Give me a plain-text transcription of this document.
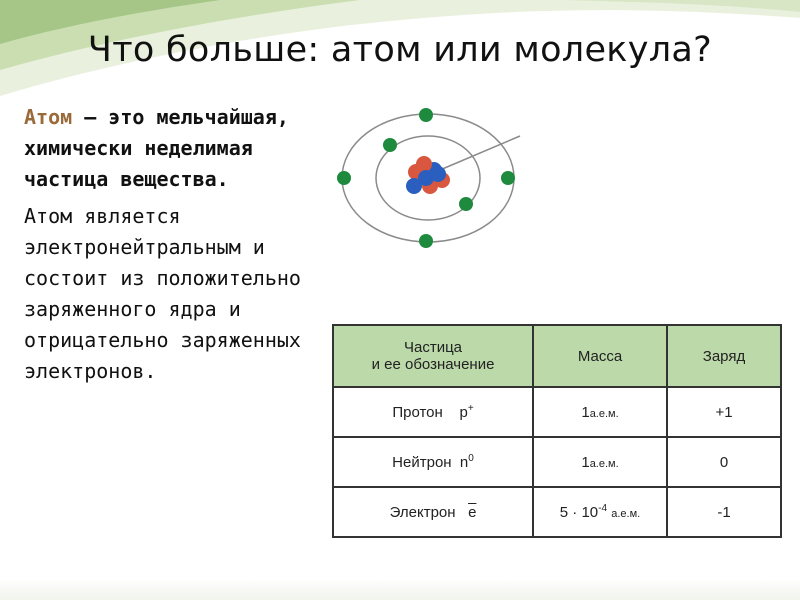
Что больше: атом или молекула?

Атом – это мельчайшая,
химически неделимая частица вещества.

Атом является электронейтральным и состоит из положительно заряженного ядра и отрицательно заряженных электронов.

Частица
и ее обозначение	Масса	Заряд
Протон p+	1а.е.м.	+1
Нейтрон $n^0$	1а.е.м.	0
Электрон $\overline{e}$	$5 \cdot 10^{-4}$ а.е.м.	-1
